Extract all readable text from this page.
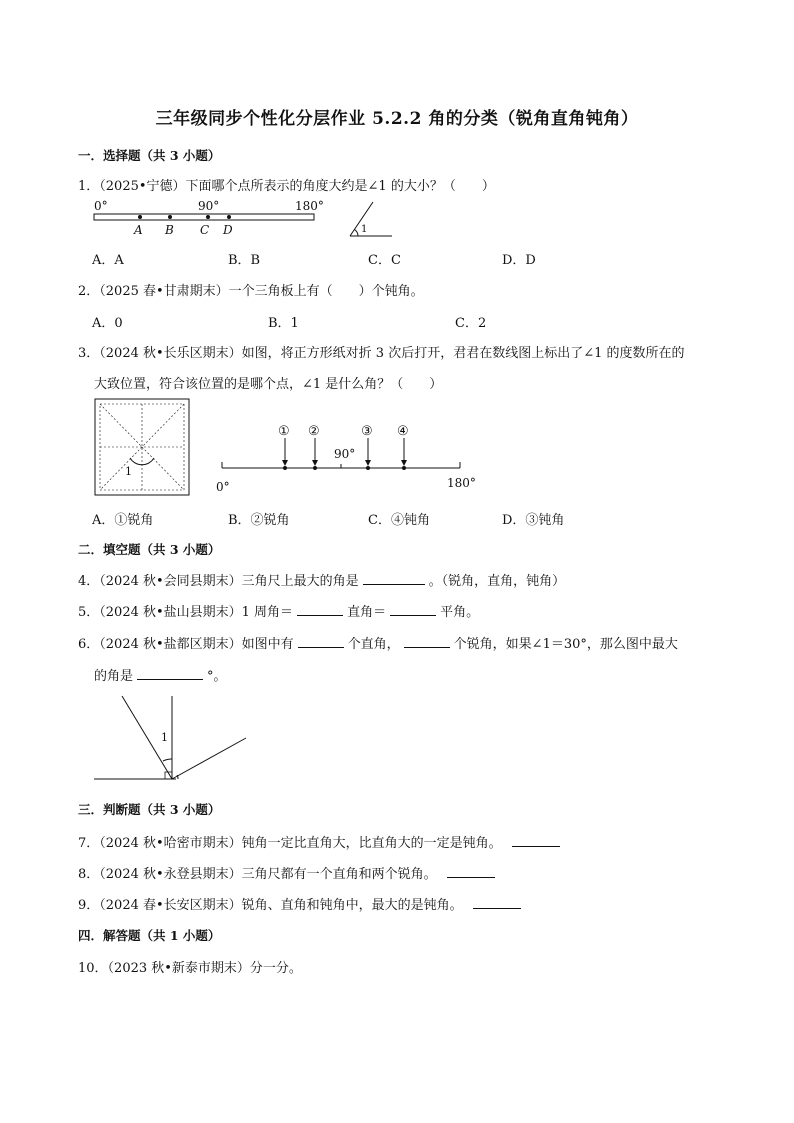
三年级同步个性化分层作业 5.2.2 角的分类（锐角直角钝角）
一．选择题（共 3 小题）
1．（2025•宁德）下面哪个点所表示的角度大约是∠1 的大小？（　　）
0°	90°	180°
A B C D	1
A．A	B．B	C．C	D．D
2．（2025 春•甘肃期末）一个三角板上有（　　）个钝角。
A．0	B．1	C．2
3．（2024 秋•长乐区期末）如图，将正方形纸对折 3 次后打开，君君在数线图上标出了∠1 的度数所在的
大致位置，符合该位置的是哪个点，∠1 是什么角？（　　）
1
0°
90°
180°
① ②	③ ④
A．①锐角	B．②锐角	C．④钝角	D．③钝角
二．填空题（共 3 小题）
4．（2024 秋•会同县期末）三角尺上最大的角是	。（锐角，直角，钝角）
5．（2024 秋•盐山县期末）1 周角＝	直角＝	平角。
6．（2024 秋•盐都区期末）如图中有	个直角，	个锐角，如果∠1＝30°，那么图中最大
的角是	°。
1
三．判断题（共 3 小题）
7．（2024 秋•哈密市期末）钝角一定比直角大，比直角大的一定是钝角。
8．（2024 秋•永登县期末）三角尺都有一个直角和两个锐角。
9．（2024 春•长安区期末）锐角、直角和钝角中，最大的是钝角。
四．解答题（共 1 小题）
10．（2023 秋•新泰市期末）分一分。
